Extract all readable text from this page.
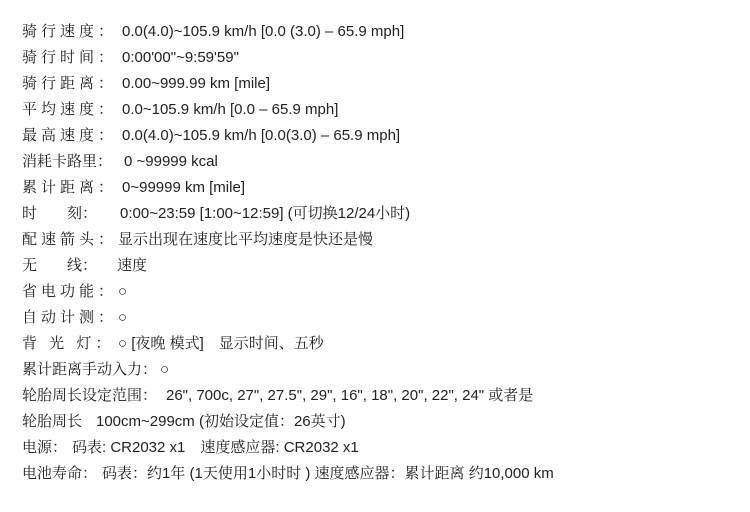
骑行速度： 0.0(4.0)~105.9 km/h [0.0 (3.0) – 65.9 mph]
骑行时间： 0:00'00"~9:59'59"
骑行距离： 0.00~999.99 km [mile]
平均速度： 0.0~105.9 km/h [0.0 – 65.9 mph]
最高速度： 0.0(4.0)~105.9 km/h [0.0(3.0) – 65.9 mph]
消耗卡路里： 0 ~99999 kcal
累计距离： 0~99999 km [mile]
时　　刻：	0:00~23:59 [1:00~12:59] (可切换12/24小时)
配速箭头： 显示出现在速度比平均速度是快还是慢
无　　线：	速度
省电功能： ○
自动计测： ○
背 光 灯： ○ [夜晚 模式]　显示时间、五秒
累计距离手动入力： ○
轮胎周长设定范围： 26", 700c, 27", 27.5", 29", 16", 18", 20", 22", 24" 或者是
轮胎周长 100cm~299cm (初始设定值：26英寸)
电源： 码表: CR2032 x1　速度感应器: CR2032 x1
电池寿命： 码表：约1年 (1天使用1小时时 ) 速度感应器：累计距离 约10,000 km
